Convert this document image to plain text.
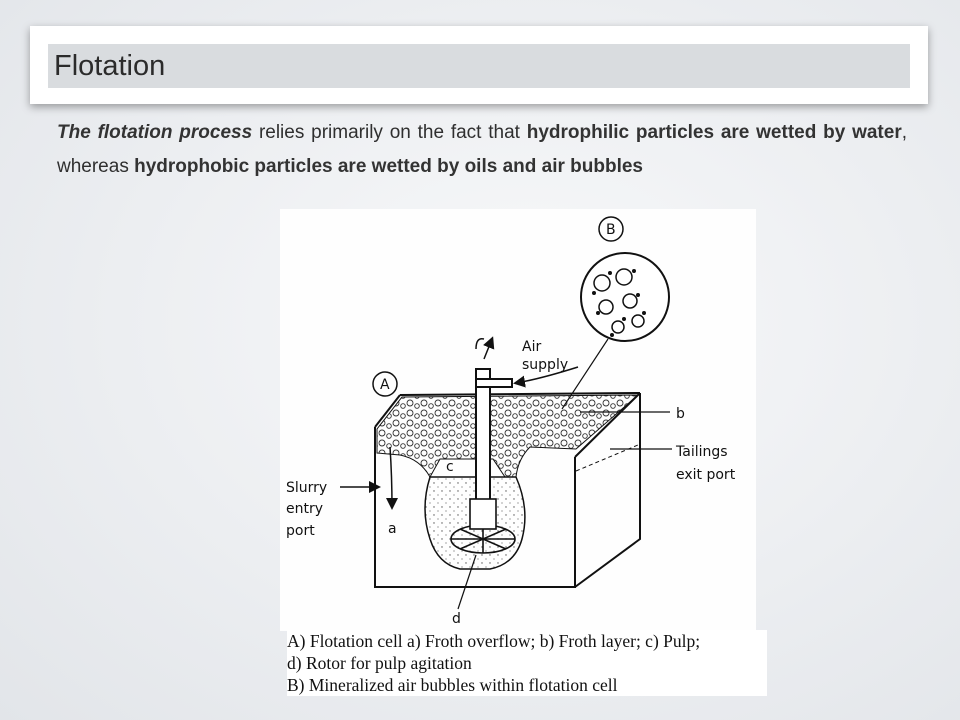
Flotation
The flotation process relies primarily on the fact that hydrophilic particles are wetted by water, whereas hydrophobic particles are wetted by oils and air bubbles
B
A
Air
supply
b
Tailings
exit port
Slurry
entry
port	a
c
d
A) Flotation cell a) Froth overflow; b) Froth layer; c) Pulp;
d) Rotor for pulp agitation
B) Mineralized air bubbles within flotation cell
